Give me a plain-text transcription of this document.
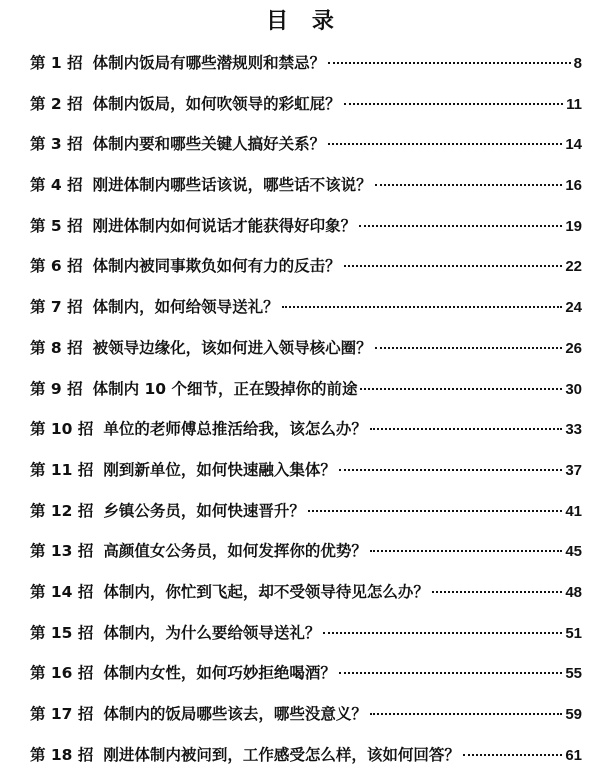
目 录
第 1 招 体制内饭局有哪些潜规则和禁忌？	8
第 2 招 体制内饭局，如何吹领导的彩虹屁？	11
第 3 招 体制内要和哪些关键人搞好关系？	14
第 4 招 刚进体制内哪些话该说，哪些话不该说？	16
第 5 招 刚进体制内如何说话才能获得好印象？	19
第 6 招 体制内被同事欺负如何有力的反击？	22
第 7 招 体制内，如何给领导送礼？	24
第 8 招 被领导边缘化，该如何进入领导核心圈？	26
第 9 招 体制内 10 个细节，正在毁掉你的前途	30
第 10 招 单位的老师傅总推活给我，该怎么办？	33
第 11 招 刚到新单位，如何快速融入集体？	37
第 12 招 乡镇公务员，如何快速晋升？	41
第 13 招 高颜值女公务员，如何发挥你的优势？	45
第 14 招 体制内，你忙到飞起，却不受领导待见怎么办？	48
第 15 招 体制内，为什么要给领导送礼？	51
第 16 招 体制内女性，如何巧妙拒绝喝酒？	55
第 17 招 体制内的饭局哪些该去，哪些没意义？	59
第 18 招 刚进体制内被问到，工作感受怎么样，该如何回答？	61
